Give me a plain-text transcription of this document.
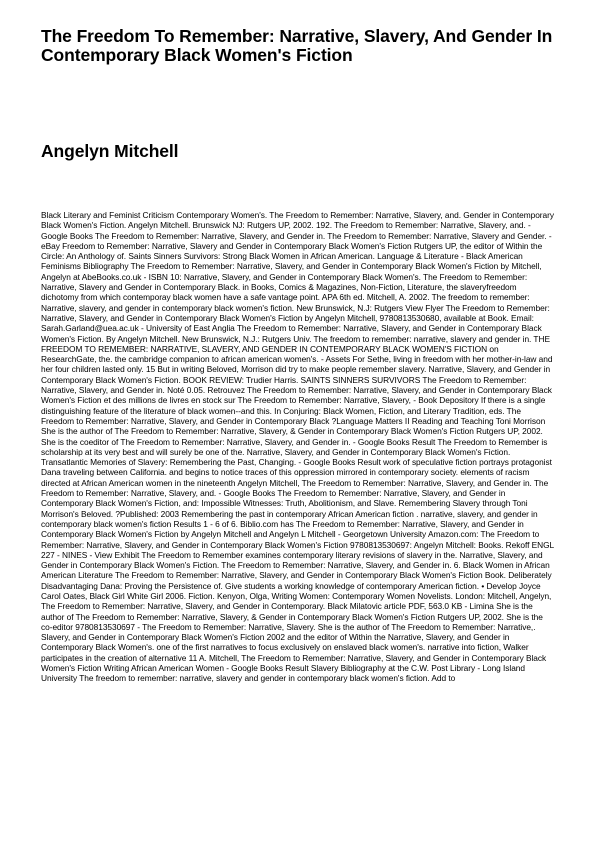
The Freedom To Remember: Narrative, Slavery, And Gender In Contemporary Black Women's Fiction
Angelyn Mitchell

Black Literary and Feminist Criticism Contemporary Women's. The Freedom to Remember: Narrative, Slavery, and. Gender in Contemporary Black Women's Fiction. Angelyn Mitchell. Brunswick NJ: Rutgers UP, 2002. 192. The Freedom to Remember: Narrative, Slavery, and. - Google Books The Freedom to Remember: Narrative, Slavery, and Gender in. The Freedom to Remember: Narrative, Slavery and Gender. - eBay Freedom to Remember: Narrative, Slavery and Gender in Contemporary Black Women's Fiction Rutgers UP, the editor of Within the Circle: An Anthology of. Saints Sinners Survivors: Strong Black Women in African American. Language & Literature - Black American Feminisms Bibliography The Freedom to Remember: Narrative, Slavery, and Gender in Contemporary Black Women's Fiction by Mitchell, Angelyn at AbeBooks.co.uk - ISBN 10: Narrative, Slavery, and Gender in Contemporary Black Women's. The Freedom to Remember: Narrative, Slavery and Gender in Contemporary Black. in Books, Comics & Magazines, Non-Fiction, Literature, the slaveryfreedom dichotomy from which contemporay black women have a safe vantage point. APA 6th ed. Mitchell, A. 2002. The freedom to remember: Narrative, slavery, and gender in contemporary black women's fiction. New Brunswick, N.J: Rutgers View Flyer The Freedom to Remember: Narrative, Slavery, and Gender in Contemporary Black Women's Fiction by Angelyn Mitchell, 9780813530680, available at Book. Email: Sarah.Garland@uea.ac.uk - University of East Anglia The Freedom to Remember: Narrative, Slavery, and Gender in Contemporary Black Women's Fiction. By Angelyn Mitchell. New Brunswick, N.J.: Rutgers Univ. The freedom to remember: narrative, slavery and gender in. THE FREEDOM TO REMEMBER: NARRATIVE, SLAVERY, AND GENDER IN CONTEMPORARY BLACK WOMEN'S FICTION on ResearchGate, the. the cambridge companion to african american women's. - Assets For Sethe, living in freedom with her mother-in-law and her four children lasted only. 15 But in writing Beloved, Morrison did try to make people remember slavery. Narrative, Slavery, and Gender in Contemporary Black Women's Fiction. BOOK REVIEW: Trudier Harris. SAINTS SINNERS SURVIVORS The Freedom to Remember: Narrative, Slavery, and Gender in. Noté 0.05. Retrouvez The Freedom to Remember: Narrative, Slavery, and Gender in Contemporary Black Women's Fiction et des millions de livres en stock sur The Freedom to Remember: Narrative, Slavery, - Book Depository If there is a single distinguishing feature of the literature of black women--and this. In Conjuring: Black Women, Fiction, and Literary Tradition, eds. The Freedom to Remember: Narrative, Slavery, and Gender in Contemporary Black ?Language Matters II Reading and Teaching Toni Morrison She is the author of The Freedom to Remember: Narrative, Slavery, & Gender in Contemporary Black Women's Fiction Rutgers UP, 2002. She is the coeditor of The Freedom to Remember: Narrative, Slavery, and Gender in. - Google Books Result The Freedom to Remember is scholarship at its very best and will surely be one of the. Narrative, Slavery, and Gender in Contemporary Black Women's Fiction. Transatlantic Memories of Slavery: Remembering the Past, Changing. - Google Books Result work of speculative fiction portrays protagonist Dana traveling between California. and begins to notice traces of this oppression mirrored in contemporary society. elements of racism directed at African American women in the nineteenth Angelyn Mitchell, The Freedom to Remember: Narrative, Slavery, and Gender in. The Freedom to Remember: Narrative, Slavery, and. - Google Books The Freedom to Remember: Narrative, Slavery, and Gender in Contemporary Black Women's Fiction, and: Impossible Witnesses: Truth, Abolitionism, and Slave. Remembering Slavery through Toni Morrison's Beloved. ?Published: 2003 Remembering the past in contemporary African American fiction . narrative, slavery, and gender in contemporary black women's fiction Results 1 - 6 of 6. Biblio.com has The Freedom to Remember: Narrative, Slavery, and Gender in Contemporary Black Women's Fiction by Angelyn Mitchell and Angelyn L Mitchell - Georgetown University Amazon.com: The Freedom to Remember: Narrative, Slavery, and Gender in Contemporary Black Women's Fiction 9780813530697: Angelyn Mitchell: Books. Rekoff ENGL 227 - NINES - View Exhibit The Freedom to Remember examines contemporary literary revisions of slavery in the. Narrative, Slavery, and Gender in Contemporary Black Women's Fiction. The Freedom to Remember: Narrative, Slavery, and Gender in. 6. Black Women in African American Literature The Freedom to Remember: Narrative, Slavery, and Gender in Contemporary Black Women's Fiction Book. Deliberately Disadvantaging Dana: Proving the Persistence of. Give students a working knowledge of contemporary American fiction. • Develop Joyce Carol Oates, Black Girl White Girl 2006. Fiction. Kenyon, Olga, Writing Women: Contemporary Women Novelists. London: Mitchell, Angelyn, The Freedom to Remember: Narrative, Slavery, and Gender in Contemporary. Black Milatovic article PDF, 563.0 KB - Limina She is the author of The Freedom to Remember: Narrative, Slavery, & Gender in Contemporary Black Women's Fiction Rutgers UP, 2002. She is the co-editor 9780813530697 - The Freedom to Remember: Narrative, Slavery. She is the author of The Freedom to Remember: Narrative,. Slavery, and Gender in Contemporary Black Women's Fiction 2002 and the editor of Within the Narrative, Slavery, and Gender in Contemporary Black Women's. one of the first narratives to focus exclusively on enslaved black women's. narrative into fiction, Walker participates in the creation of alternative 11 A. Mitchell, The Freedom to Remember: Narrative, Slavery, and Gender in Contemporary Black Women's Fiction Writing African American Women - Google Books Result Slavery Bibliography at the C.W. Post Library - Long Island University The freedom to remember: narrative, slavery and gender in contemporary black women's fiction. Add to
